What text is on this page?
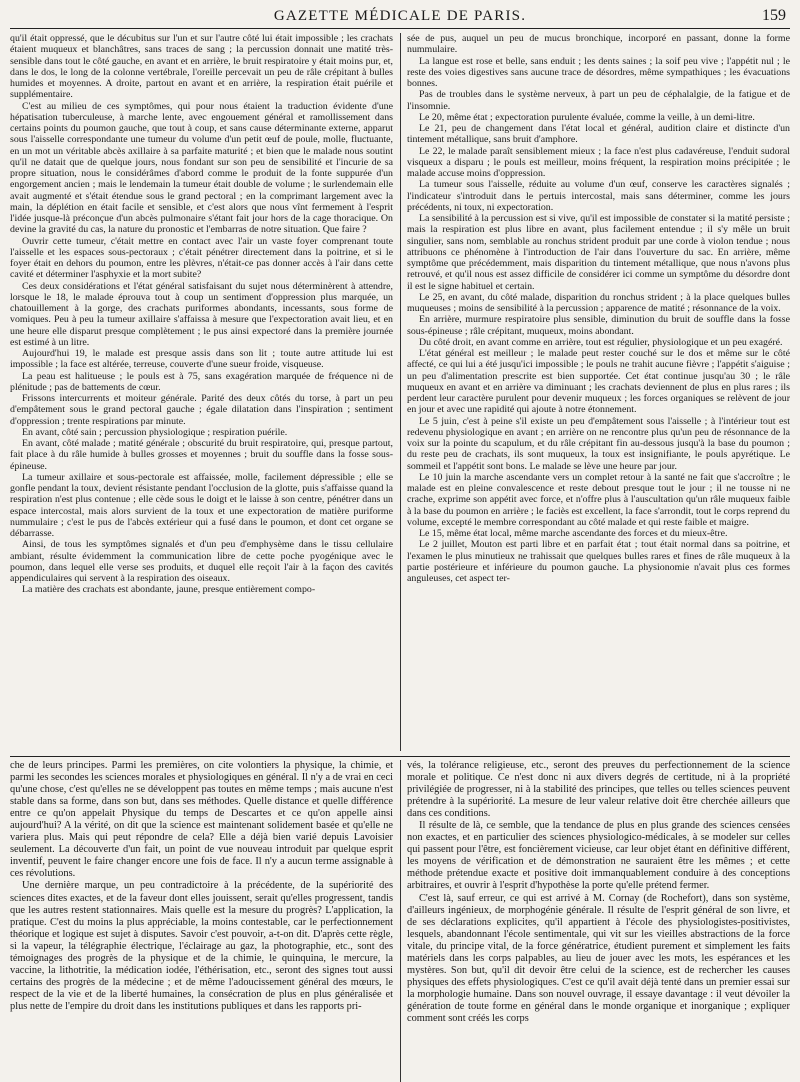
GAZETTE MÉDICALE DE PARIS.	159

qu'il était oppressé, que le décubitus sur l'un et sur l'autre côté lui était impossible ; les crachats étaient muqueux et blanchâtres, sans traces de sang ; la percussion donnait une matité très-sensible dans tout le côté gauche, en avant et en arrière, le bruit respiratoire y était moins pur, et, dans le dos, le long de la colonne vertébrale, l'oreille percevait un peu de râle crépitant à bulles humides et moyennes. A droite, partout en avant et en arrière, la respiration était puérile et supplémentaire.

C'est au milieu de ces symptômes, qui pour nous étaient la traduction évidente d'une hépatisation tuberculeuse, à marche lente, avec engouement général et ramollissement dans certains points du poumon gauche, que tout à coup, et sans cause déterminante externe, apparut sous l'aisselle correspondante une tumeur du volume d'un petit œuf de poule, molle, fluctuante, en un mot un véritable abcès axillaire à sa parfaite maturité ; et bien que le malade nous soutint qu'il ne datait que de quelque jours, nous fondant sur son peu de sensibilité et l'incurie de sa propre situation, nous le considérâmes d'abord comme le produit de la fonte suppurée d'un engorgement ancien ; mais le lendemain la tumeur était double de volume ; le surlendemain elle avait augmenté et s'était étendue sous le grand pectoral ; en la comprimant largement avec la main, la déplétion en était facile et sensible, et c'est alors que nous vînt fermement à l'esprit l'idée jusque-là préconçue d'un abcès pulmonaire s'étant fait jour hors de la cage thoracique. On devine la gravité du cas, la nature du pronostic et l'embarras de notre situation. Que faire ?

Ouvrir cette tumeur, c'était mettre en contact avec l'air un vaste foyer comprenant toute l'aisselle et les espaces sous-pectoraux ; c'était pénétrer directement dans la poitrine, et si le foyer était en dehors du poumon, entre les plèvres, n'était-ce pas donner accès à l'air dans cette cavité et déterminer l'asphyxie et la mort subite?

Ces deux considérations et l'état général satisfaisant du sujet nous déterminèrent à attendre, lorsque le 18, le malade éprouva tout à coup un sentiment d'oppression plus marquée, un chatouillement à la gorge, des crachats puriformes abondants, incessants, sous forme de vomiques. Peu à peu la tumeur axillaire s'affaissa à mesure que l'expectoration avait lieu, et en une heure elle disparut presque complètement ; le pus ainsi expectoré dans la première journée est estimé à un litre.

Aujourd'hui 19, le malade est presque assis dans son lit ; toute autre attitude lui est impossible ; la face est altérée, terreuse, couverte d'une sueur froide, visqueuse.

La peau est halitueuse ; le pouls est à 75, sans exagération marquée de fréquence ni de plénitude ; pas de battements de cœur.

Frissons intercurrents et moiteur générale. Parité des deux côtés du torse, à part un peu d'empâtement sous le grand pectoral gauche ; égale dilatation dans l'inspiration ; sentiment d'oppression ; trente respirations par minute.

En avant, côté sain ; percussion physiologique ; respiration puérile.

En avant, côté malade ; matité générale ; obscurité du bruit respiratoire, qui, presque partout, fait place à du râle humide à bulles grosses et moyennes ; bruit du souffle dans la fosse sous-épineuse.

La tumeur axillaire et sous-pectorale est affaissée, molle, facilement dépressible ; elle se gonfle pendant la toux, devient résistante pendant l'occlusion de la glotte, puis s'affaisse quand la respiration n'est plus contenue ; elle cède sous le doigt et le laisse à son centre, pénétrer dans un espace intercostal, mais alors survient de la toux et une expectoration de matière puriforme nummulaire ; c'est le pus de l'abcès extérieur qui a fusé dans le poumon, et dont cet organe se débarrasse.

Ainsi, de tous les symptômes signalés et d'un peu d'emphysème dans le tissu cellulaire ambiant, résulte évidemment la communication libre de cette poche pyogénique avec le poumon, dans lequel elle verse ses produits, et duquel elle reçoit l'air à la façon des cavités appendiculaires qui servent à la respiration des oiseaux.

La matière des crachats est abondante, jaune, presque entièrement compo-

sée de pus, auquel un peu de mucus bronchique, incorporé en passant, donne la forme nummulaire.

La langue est rose et belle, sans enduit ; les dents saines ; la soif peu vive ; l'appétit nul ; le reste des voies digestives sans aucune trace de désordres, même sympathiques ; les évacuations bonnes.

Pas de troubles dans le système nerveux, à part un peu de céphalalgie, de la fatigue et de l'insomnie.

Le 20, même état ; expectoration purulente évaluée, comme la veille, à un demi-litre.

Le 21, peu de changement dans l'état local et général, audition claire et distincte d'un tintement métallique, sans bruit d'amphore.

Le 22, le malade paraît sensiblement mieux ; la face n'est plus cadavéreuse, l'enduit sudoral visqueux a disparu ; le pouls est meilleur, moins fréquent, la respiration moins précipitée ; le malade accuse moins d'oppression.

La tumeur sous l'aisselle, réduite au volume d'un œuf, conserve les caractères signalés ; l'indicateur s'introduit dans le pertuis intercostal, mais sans déterminer, comme les jours précédents, ni toux, ni expectoration.

La sensibilité à la percussion est si vive, qu'il est impossible de constater si la matité persiste ; mais la respiration est plus libre en avant, plus facilement entendue ; il s'y mêle un bruit singulier, sans nom, semblable au ronchus strident produit par une corde à violon tendue ; nous attribuons ce phénomène à l'introduction de l'air dans l'ouverture du sac. En arrière, même symptôme que précédemment, mais disparition du tintement métallique, que nous n'avons plus retrouvé, et qu'il nous est assez difficile de considérer ici comme un symptôme du désordre dont il est le signe habituel et certain.

Le 25, en avant, du côté malade, disparition du ronchus strident ; à la place quelques bulles muqueuses ; moins de sensibilité à la percussion ; apparence de matité ; résonnance de la voix.

En arrière, murmure respiratoire plus sensible, diminution du bruit de souffle dans la fosse sous-épineuse ; râle crépitant, muqueux, moins abondant.

Du côté droit, en avant comme en arrière, tout est régulier, physiologique et un peu exagéré.

L'état général est meilleur ; le malade peut rester couché sur le dos et même sur le côté affecté, ce qui lui a été jusqu'ici impossible ; le pouls ne trahit aucune fièvre ; l'appétit s'aiguise ; un peu d'alimentation prescrite est bien supportée. Cet état continue jusqu'au 30 ; le râle muqueux en avant et en arrière va diminuant ; les crachats deviennent de plus en plus rares ; ils perdent leur caractère purulent pour devenir muqueux ; les forces organiques se relèvent de jour en jour et avec une rapidité qui ajoute à notre étonnement.

Le 5 juin, c'est à peine s'il existe un peu d'empâtement sous l'aisselle ; à l'intérieur tout est redevenu physiologique en avant ; en arrière on ne rencontre plus qu'un peu de résonnance de la voix sur la pointe du scapulum, et du râle crépitant fin au-dessous jusqu'à la base du poumon ; du reste peu de crachats, ils sont muqueux, la toux est insignifiante, le pouls apyrétique. Le sommeil et l'appétit sont bons. Le malade se lève une heure par jour.

Le 10 juin la marche ascendante vers un complet retour à la santé ne fait que s'accroître ; le malade est en pleine convalescence et reste debout presque tout le jour ; il ne tousse ni ne crache, exprime son appétit avec force, et n'offre plus à l'auscultation qu'un râle muqueux faible à la base du poumon en arrière ; le faciès est excellent, la face s'arrondit, tout le corps reprend du volume, excepté le membre correspondant au côté malade et qui reste faible et maigre.

Le 15, même état local, même marche ascendante des forces et du mieux-être.

Le 2 juillet, Mouton est parti libre et en parfait état ; tout était normal dans sa poitrine, et l'examen le plus minutieux ne trahissait que quelques bulles rares et fines de râle muqueux à la partie postérieure et inférieure du poumon gauche. La physionomie n'avait plus ces formes anguleuses, cet aspect ter-

che de leurs principes. Parmi les premières, on cite volontiers la physique, la chimie, et parmi les secondes les sciences morales et physiologiques en général. Il n'y a de vrai en ceci qu'une chose, c'est qu'elles ne se développent pas toutes en même temps ; mais aucune n'est stable dans sa forme, dans son but, dans ses méthodes. Quelle distance et quelle différence entre ce qu'on appelait Physique du temps de Descartes et ce qu'on appelle ainsi aujourd'hui? A la vérité, on dit que la science est maintenant solidement basée et qu'elle ne variera plus. Mais qui peut répondre de cela? Elle a déjà bien varié depuis Lavoisier seulement. La découverte d'un fait, un point de vue nouveau introduit par quelque esprit inventif, peuvent le faire changer encore une fois de face. Il n'y a aucun terme assignable à ces révolutions.

Une dernière marque, un peu contradictoire à la précédente, de la supériorité des sciences dites exactes, et de la faveur dont elles jouissent, serait qu'elles progressent, tandis que les autres restent stationnaires. Mais quelle est la mesure du progrès? L'application, la pratique. C'est du moins la plus appréciable, la moins contestable, car le perfectionnement théorique et logique est sujet à disputes. Savoir c'est pouvoir, a-t-on dit. D'après cette règle, si la vapeur, la télégraphie électrique, l'éclairage au gaz, la photographie, etc., sont des témoignages des progrès de la physique et de la chimie, le quinquina, le mercure, la vaccine, la lithotritie, la médication iodée, l'éthérisation, etc., seront des signes tout aussi certains des progrès de la médecine ; et de même l'adoucissement général des mœurs, le respect de la vie et de la liberté humaines, la consécration de plus en plus généralisée et plus nette de l'empire du droit dans les institutions publiques et dans les rapports pri-

vés, la tolérance religieuse, etc., seront des preuves du perfectionnement de la science morale et politique. Ce n'est donc ni aux divers degrés de certitude, ni à la propriété privilégiée de progresser, ni à la stabilité des principes, que telles ou telles sciences peuvent prétendre à la supériorité. La mesure de leur valeur relative doit être cherchée ailleurs que dans ces conditions.

Il résulte de là, ce semble, que la tendance de plus en plus grande des sciences censées non exactes, et en particulier des sciences physiologico-médicales, à se modeler sur celles qui passent pour l'être, est foncièrement vicieuse, car leur objet étant en définitive différent, les moyens de vérification et de démonstration ne sauraient être les mêmes ; et cette méthode prétendue exacte et positive doit immanquablement conduire à des conceptions arbitraires, et ouvrir à l'esprit d'hypothèse la porte qu'elle prétend fermer.

C'est là, sauf erreur, ce qui est arrivé à M. Cornay (de Rochefort), dans son système, d'ailleurs ingénieux, de morphogénie générale. Il résulte de l'esprit général de son livre, et de ses déclarations explicites, qu'il appartient à l'école des physiologistes-positivistes, lesquels, abandonnant l'école sentimentale, qui vit sur les vieilles abstractions de la force vitale, du principe vital, de la force génératrice, étudient purement et simplement les faits matériels dans les corps palpables, au lieu de jouer avec les mots, les espérances et les mystères. Son but, qu'il dit devoir être celui de la science, est de rechercher les causes physiques des effets physiologiques. C'est ce qu'il avait déjà tenté dans un premier essai sur la morphologie humaine. Dans son nouvel ouvrage, il essaye davantage : il veut dévoiler la génération de toute forme en général dans le monde organique et inorganique ; expliquer comment sont créés les corps
